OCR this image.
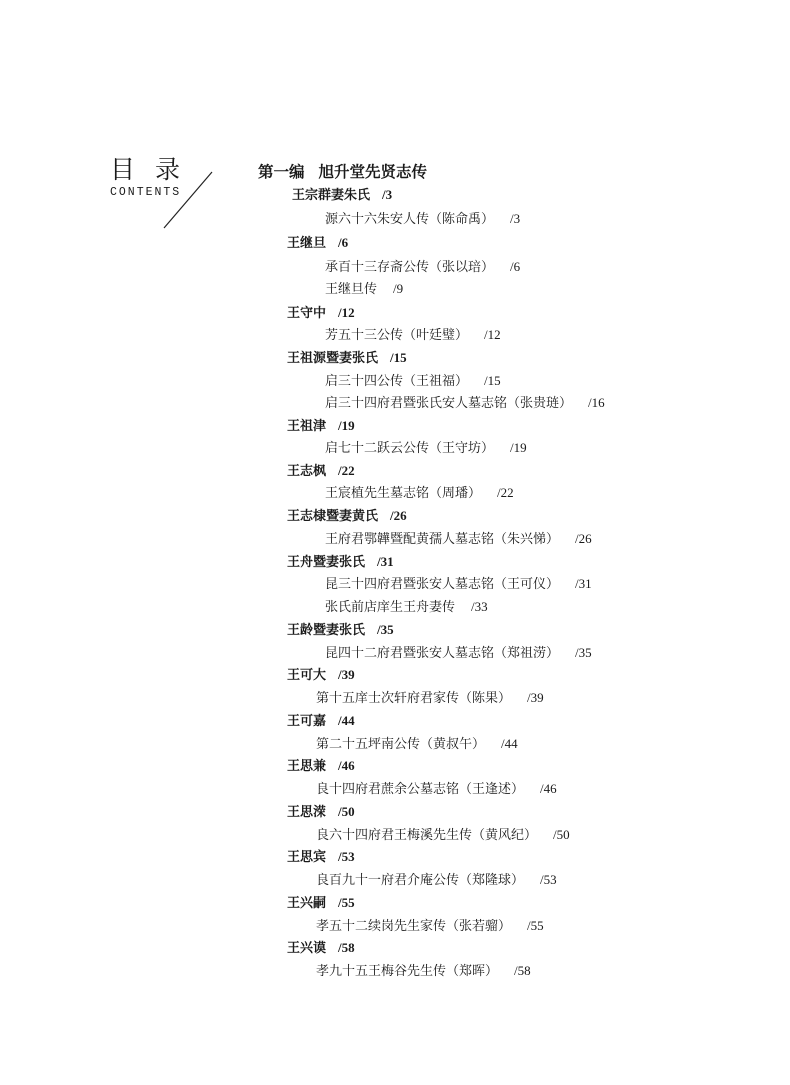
目录
CONTENTS
第一编 旭升堂先贤志传
王宗群妻朱氏 /3
源六十六朱安人传（陈命禹） /3
王继旦 /6
承百十三存斋公传（张以琣） /6
王继旦传 /9
王守中 /12
芳五十三公传（叶廷璧） /12
王祖源暨妻张氏 /15
启三十四公传（王祖福） /15
启三十四府君暨张氏安人墓志铭（张贵琏） /16
王祖津 /19
启七十二跃云公传（王守坊） /19
王志枫 /22
王宸植先生墓志铭（周璠） /22
王志棣暨妻黄氏 /26
王府君鄂韡暨配黄孺人墓志铭（朱兴悌） /26
王舟暨妻张氏 /31
昆三十四府君暨张安人墓志铭（王可仪） /31
张氏前店庠生王舟妻传 /33
王龄暨妻张氏 /35
昆四十二府君暨张安人墓志铭（郑祖涝） /35
王可大 /39
第十五庠士次轩府君家传（陈果） /39
王可嘉 /44
第二十五坪南公传（黄叔午） /44
王思兼 /46
良十四府君蔗余公墓志铭（王逢述） /46
王思溁 /50
良六十四府君王梅溪先生传（黄风纪） /50
王思宾 /53
良百九十一府君介庵公传（郑隆球） /53
王兴嗣 /55
孝五十二续岗先生家传（张若骝） /55
王兴谟 /58
孝九十五王梅谷先生传（郑晖） /58
